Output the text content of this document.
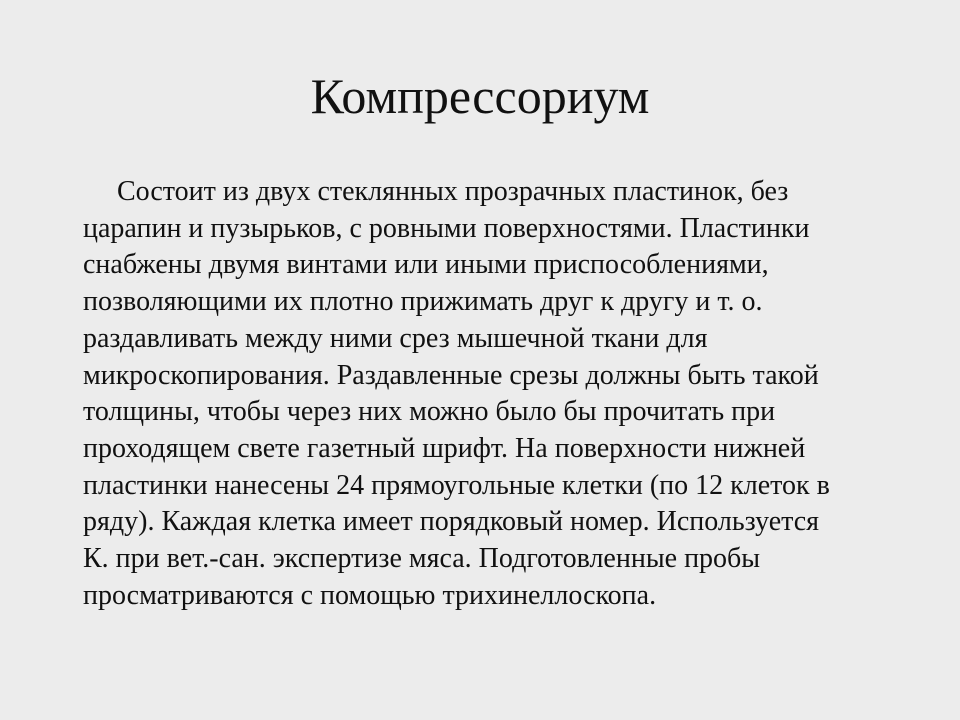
Компрессориум

Состоит из двух стеклянных прозрачных пластинок, без
царапин и пузырьков, с ровными поверхностями. Пластинки
снабжены двумя винтами или иными приспособлениями,
позволяющими их плотно прижимать друг к другу и т. о.
раздавливать между ними срез мышечной ткани для
микроскопирования. Раздавленные срезы должны быть такой
толщины, чтобы через них можно было бы прочитать при
проходящем свете газетный шрифт. На поверхности нижней
пластинки нанесены 24 прямоугольные клетки (по 12 клеток в
ряду). Каждая клетка имеет порядковый номер. Используется
К. при вет.-сан. экспертизе мяса. Подготовленные пробы
просматриваются с помощью трихинеллоскопа.
